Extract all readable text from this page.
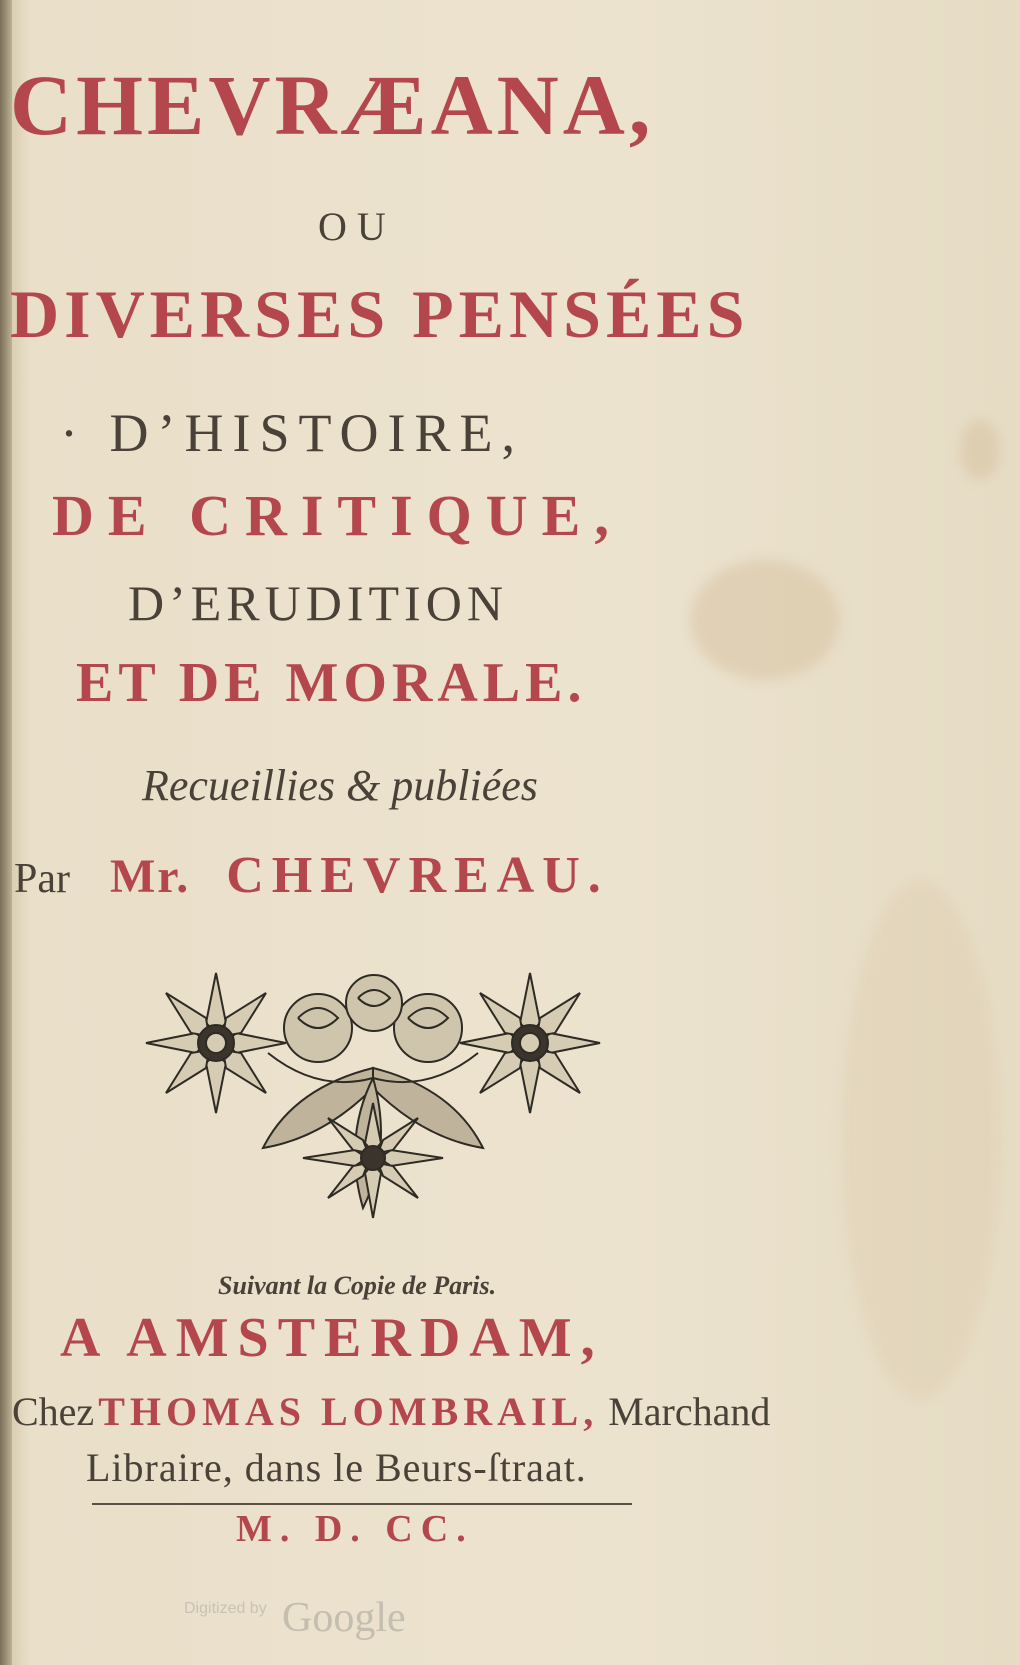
CHEVRÆANA,
OU
DIVERSES PENSÉES
· D’HISTOIRE,
DE CRITIQUE,
D’ERUDITION
ET DE MORALE.
Recueillies & publiées
Par Mr. CHEVREAU.
Suivant la Copie de Paris.
A AMSTERDAM,
Chez THOMAS LOMBRAIL, Marchand
Libraire, dans le Beurs-ſtraat.
M. D. CC.
Digitized by Google
